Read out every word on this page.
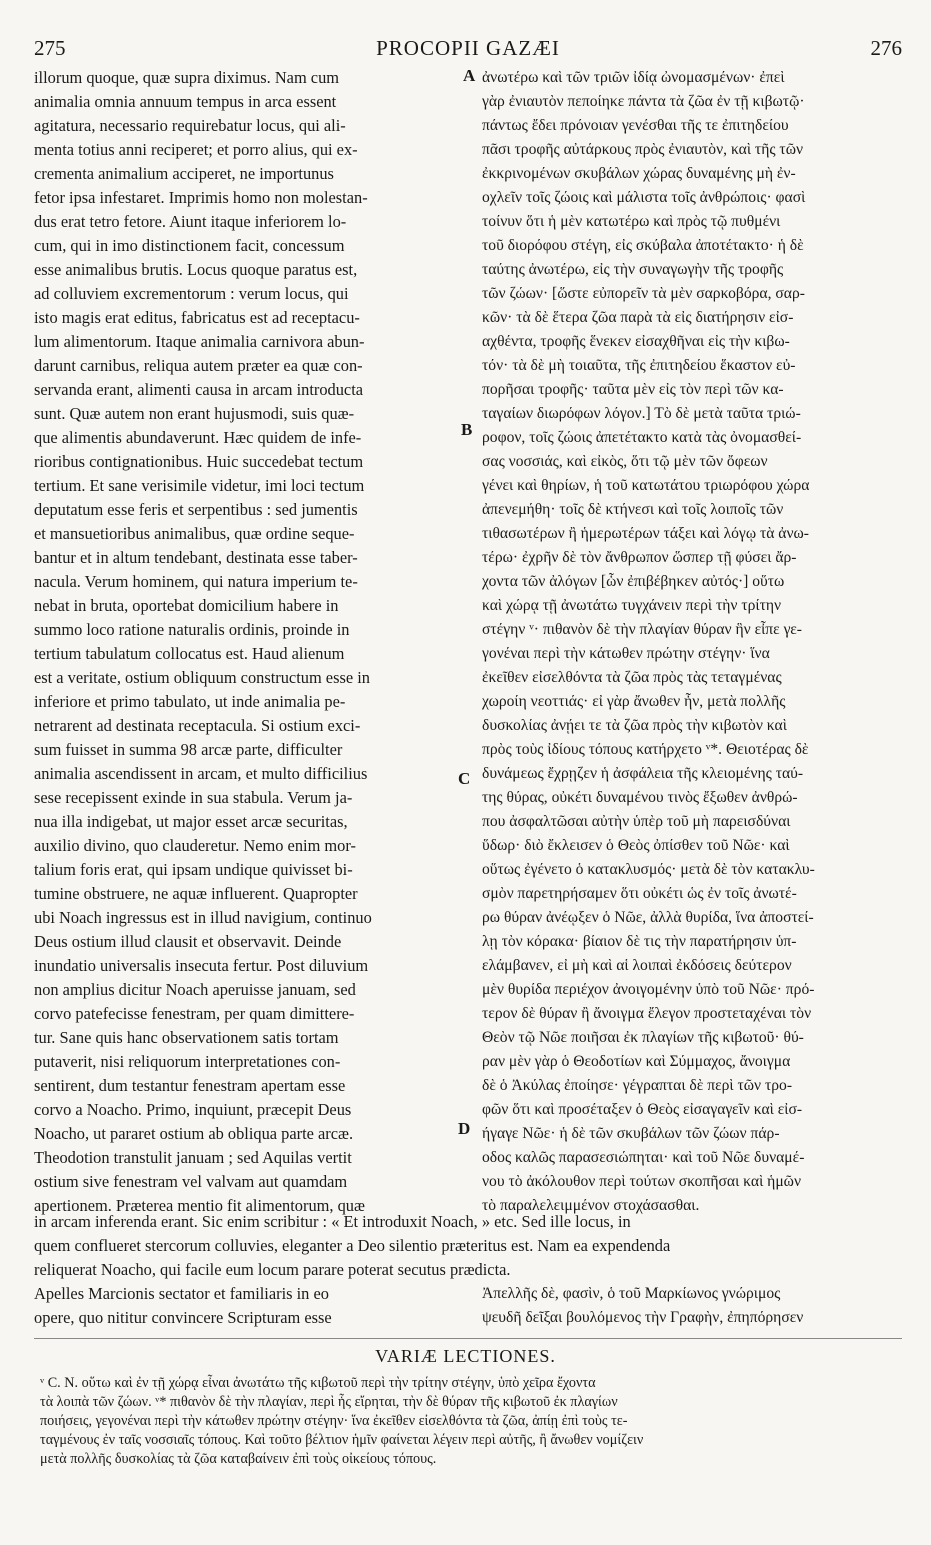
275	PROCOPII GAZÆI	276
illorum quoque, quæ supra diximus. Nam cum
animalia omnia annuum tempus in arca essent
agitatura, necessario requirebatur locus, qui ali-
menta totius anni reciperet; et porro alius, qui ex-
crementa animalium acciperet, ne importunus
fetor ipsa infestaret. Imprimis homo non molestan-
dus erat tetro fetore. Aiunt itaque inferiorem lo-
cum, qui in imo distinctionem facit, concessum
esse animalibus brutis. Locus quoque paratus est,
ad colluviem excrementorum : verum locus, qui
isto magis erat editus, fabricatus est ad receptacu-
lum alimentorum. Itaque animalia carnivora abun-
darunt carnibus, reliqua autem præter ea quæ con-
servanda erant, alimenti causa in arcam introducta
sunt. Quæ autem non erant hujusmodi, suis quæ-
que alimentis abundaverunt. Hæc quidem de infe-
rioribus contignationibus. Huic succedebat tectum
tertium. Et sane verisimile videtur, imi loci tectum
deputatum esse feris et serpentibus : sed jumentis
et mansuetioribus animalibus, quæ ordine seque-
bantur et in altum tendebant, destinata esse taber-
nacula. Verum hominem, qui natura imperium te-
nebat in bruta, oportebat domicilium habere in
summo loco ratione naturalis ordinis, proinde in
tertium tabulatum collocatus est. Haud alienum
est a veritate, ostium obliquum constructum esse in
inferiore et primo tabulato, ut inde animalia pe-
netrarent ad destinata receptacula. Si ostium exci-
sum fuisset in summa 98 arcæ parte, difficulter
animalia ascendissent in arcam, et multo difficilius
sese recepissent exinde in sua stabula. Verum ja-
nua illa indigebat, ut major esset arcæ securitas,
auxilio divino, quo clauderetur. Nemo enim mor-
talium foris erat, qui ipsam undique quivisset bi-
tumine obstruere, ne aquæ influerent. Quapropter
ubi Noach ingressus est in illud navigium, continuo
Deus ostium illud clausit et observavit. Deinde
inundatio universalis insecuta fertur. Post diluvium
non amplius dicitur Noach aperuisse januam, sed
corvo patefecisse fenestram, per quam dimittere-
tur. Sane quis hanc observationem satis tortam
putaverit, nisi reliquorum interpretationes con-
sentirent, dum testantur fenestram apertam esse
corvo a Noacho. Primo, inquiunt, præcepit Deus
Noacho, ut pararet ostium ab obliqua parte arcæ.
Theodotion transtulit januam ; sed Aquilas vertit
ostium sive fenestram vel valvam aut quamdam
apertionem. Præterea mentio fit alimentorum, quæ
ἀνωτέρω καὶ τῶν τριῶν ἰδίᾳ ὠνομασμένων· ἐπεὶ
γὰρ ἐνιαυτὸν πεποίηκε πάντα τὰ ζῶα ἐν τῇ κιβωτῷ·
πάντως ἔδει πρόνοιαν γενέσθαι τῆς τε ἐπιτηδείου
πᾶσι τροφῆς αὐτάρκους πρὸς ἐνιαυτὸν, καὶ τῆς τῶν
ἐκκρινομένων σκυβάλων χώρας δυναμένης μὴ ἐν-
οχλεῖν τοῖς ζώοις καὶ μάλιστα τοῖς ἀνθρώποις· φασὶ
τοίνυν ὅτι ἡ μὲν κατωτέρω καὶ πρὸς τῷ πυθμένι
τοῦ διορόφου στέγη, εἰς σκύβαλα ἀποτέτακτο· ἡ δὲ
ταύτης ἀνωτέρω, εἰς τὴν συναγωγὴν τῆς τροφῆς
τῶν ζώων· [ὥστε εὐπορεῖν τὰ μὲν σαρκοβόρα, σαρ-
κῶν· τὰ δὲ ἕτερα ζῶα παρὰ τὰ εἰς διατήρησιν εἰσ-
αχθέντα, τροφῆς ἕνεκεν εἰσαχθῆναι εἰς τὴν κιβω-
τόν· τὰ δὲ μὴ τοιαῦτα, τῆς ἐπιτηδείου ἕκαστον εὐ-
πορῆσαι τροφῆς· ταῦτα μὲν εἰς τὸν περὶ τῶν κα-
ταγαίων διωρόφων λόγον.] Τὸ δὲ μετὰ ταῦτα τριώ-
ροφον, τοῖς ζώοις ἀπετέτακτο κατὰ τὰς ὀνομασθεί-
σας νοσσιάς, καὶ εἰκὸς, ὅτι τῷ μὲν τῶν ὄφεων
γένει καὶ θηρίων, ἡ τοῦ κατωτάτου τριωρόφου χώρα
ἀπενεμήθη· τοῖς δὲ κτήνεσι καὶ τοῖς λοιποῖς τῶν
τιθασωτέρων ἢ ἡμερωτέρων τάξει καὶ λόγῳ τὰ ἀνω-
τέρω· ἐχρῆν δὲ τὸν ἄνθρωπον ὥσπερ τῇ φύσει ἄρ-
χοντα τῶν ἀλόγων [ὧν ἐπιβέβηκεν αὐτός·] οὕτω
καὶ χώρᾳ τῇ ἀνωτάτω τυγχάνειν περὶ τὴν τρίτην
στέγην ᵛ· πιθανὸν δὲ τὴν πλαγίαν θύραν ἣν εἶπε γε-
γονέναι περὶ τὴν κάτωθεν πρώτην στέγην· ἵνα
ἐκεῖθεν εἰσελθόντα τὰ ζῶα πρὸς τὰς τεταγμένας
χωροίη νεοττιάς· εἰ γὰρ ἄνωθεν ἦν, μετὰ πολλῆς
δυσκολίας ἀνῄει τε τὰ ζῶα πρὸς τὴν κιβωτὸν καὶ
πρὸς τοὺς ἰδίους τόπους κατήρχετο ᵛ*. Θειοτέρας δὲ
δυνάμεως ἔχρῃζεν ἡ ἀσφάλεια τῆς κλειομένης ταύ-
της θύρας, οὐκέτι δυναμένου τινὸς ἔξωθεν ἀνθρώ-
που ἀσφαλτῶσαι αὐτὴν ὑπὲρ τοῦ μὴ παρεισδύναι
ὕδωρ· διὸ ἔκλεισεν ὁ Θεὸς ὀπίσθεν τοῦ Νῶε· καὶ
οὕτως ἐγένετο ὁ κατακλυσμός· μετὰ δὲ τὸν κατακλυ-
σμὸν παρετηρήσαμεν ὅτι οὐκέτι ὡς ἐν τοῖς ἀνωτέ-
ρω θύραν ἀνέῳξεν ὁ Νῶε, ἀλλὰ θυρίδα, ἵνα ἀποστεί-
λῃ τὸν κόρακα· βίαιον δὲ τις τὴν παρατήρησιν ὑπ-
ελάμβανεν, εἰ μὴ καὶ αἱ λοιπαὶ ἐκδόσεις δεύτερον
μὲν θυρίδα περιέχον ἀνοιγομένην ὑπὸ τοῦ Νῶε· πρό-
τερον δὲ θύραν ἢ ἄνοιγμα ἔλεγον προστεταχέναι τὸν
Θεὸν τῷ Νῶε ποιῆσαι ἐκ πλαγίων τῆς κιβωτοῦ· θύ-
ραν μὲν γὰρ ὁ Θεοδοτίων καὶ Σύμμαχος, ἄνοιγμα
δὲ ὁ Ἀκύλας ἐποίησε· γέγραπται δὲ περὶ τῶν τρο-
φῶν ὅτι καὶ προσέταξεν ὁ Θεὸς εἰσαγαγεῖν καὶ εἰσ-
ήγαγε Νῶε· ἡ δὲ τῶν σκυβάλων τῶν ζώων πάρ-
οδος καλῶς παρασεσιώπηται· καὶ τοῦ Νῶε δυναμέ-
νου τὸ ἀκόλουθον περὶ τούτων σκοπῆσαι καὶ ἡμῶν
τὸ παραλελειμμένον στοχάσασθαι.
A
B
C
D
in arcam inferenda erant. Sic enim scribitur : « Et introduxit Noach, » etc. Sed ille locus, in
quem conflueret stercorum colluvies, eleganter a Deo silentio præteritus est. Nam ea expendenda
reliquerat Noacho, qui facile eum locum parare poterat secutus prædicta.
Apelles Marcionis sectator et familiaris in eo
opere, quo nititur convincere Scripturam esse
Ἀπελλῆς δὲ, φασὶν, ὁ τοῦ Μαρκίωνος γνώριμος
ψευδῆ δεῖξαι βουλόμενος τὴν Γραφὴν, ἐπηπόρησεν
VARIÆ LECTIONES.
ᵛ C. N. οὕτω καὶ ἐν τῇ χώρᾳ εἶναι ἀνωτάτω τῆς κιβωτοῦ περὶ τὴν τρίτην στέγην, ὑπὸ χεῖρα ἔχοντα
τὰ λοιπὰ τῶν ζώων. ᵛ* πιθανὸν δὲ τὴν πλαγίαν, περὶ ἧς εἴρηται, τὴν δὲ θύραν τῆς κιβωτοῦ ἐκ πλαγίων
ποιήσεις, γεγονέναι περὶ τὴν κάτωθεν πρώτην στέγην· ἵνα ἐκεῖθεν εἰσελθόντα τὰ ζῶα, ἀπίῃ ἐπὶ τοὺς τε-
ταγμένους ἐν ταῖς νοσσιαῖς τόπους. Καὶ τοῦτο βέλτιον ἡμῖν φαίνεται λέγειν περὶ αὐτῆς, ἢ ἄνωθεν νομίζειν
μετὰ πολλῆς δυσκολίας τὰ ζῶα καταβαίνειν ἐπὶ τοὺς οἰκείους τόπους.
